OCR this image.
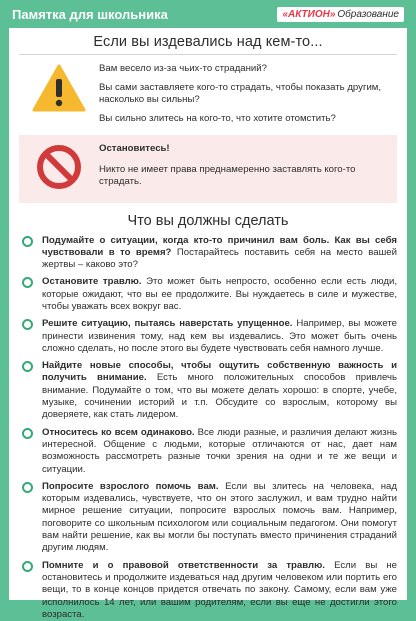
Памятка для школьника	«АКТИОН» Образование
Если вы издевались над кем-то...

Вам весело из-за чьих-то страданий?

Вы сами заставляете кого-то страдать, чтобы показать другим, насколько вы сильны?

Вы сильно злитесь на кого-то, что хотите отомстить?

Остановитесь!

Никто не имеет права преднамеренно заставлять кого-то страдать.

Что вы должны сделать
Подумайте о ситуации, когда кто-то причинил вам боль. Как вы себя чувствовали в то время? Постарайтесь поставить себя на место вашей жертвы – каково это?
Остановите травлю. Это может быть непросто, особенно если есть люди, которые ожидают, что вы ее продолжите. Вы нуждаетесь в силе и мужестве, чтобы уважать всех вокруг вас.
Решите ситуацию, пытаясь наверстать упущенное. Например, вы можете принести извинения тому, над кем вы издевались. Это может быть очень сложно сделать, но после этого вы будете чувствовать себя намного лучше.
Найдите новые способы, чтобы ощутить собственную важность и получить внимание. Есть много положительных способов привлечь внимание. Подумайте о том, что вы можете делать хорошо: в спорте, учебе, музыке, сочинении историй и т.п. Обсудите со взрослым, которому вы доверяете, как стать лидером.
Относитесь ко всем одинаково. Все люди разные, и различия делают жизнь интересной. Общение с людьми, которые отличаются от нас, дает нам возможность рассмотреть разные точки зрения на одни и те же вещи и ситуации.
Попросите взрослого помочь вам. Если вы злитесь на человека, над которым издевались, чувствуете, что он этого заслужил, и вам трудно найти мирное решение ситуации, попросите взрослых помочь вам. Например, поговорите со школьным психологом или социальным педагогом. Они помогут вам найти решение, как вы могли бы поступать вместо причинения страданий другим людям.
Помните и о правовой ответственности за травлю. Если вы не остановитесь и продолжите издеваться над другим человеком или портить его вещи, то в конце концов придется отвечать по закону. Самому, если вам уже исполнилось 14 лет, или вашим родителям, если вы еще не достигли этого возраста.
